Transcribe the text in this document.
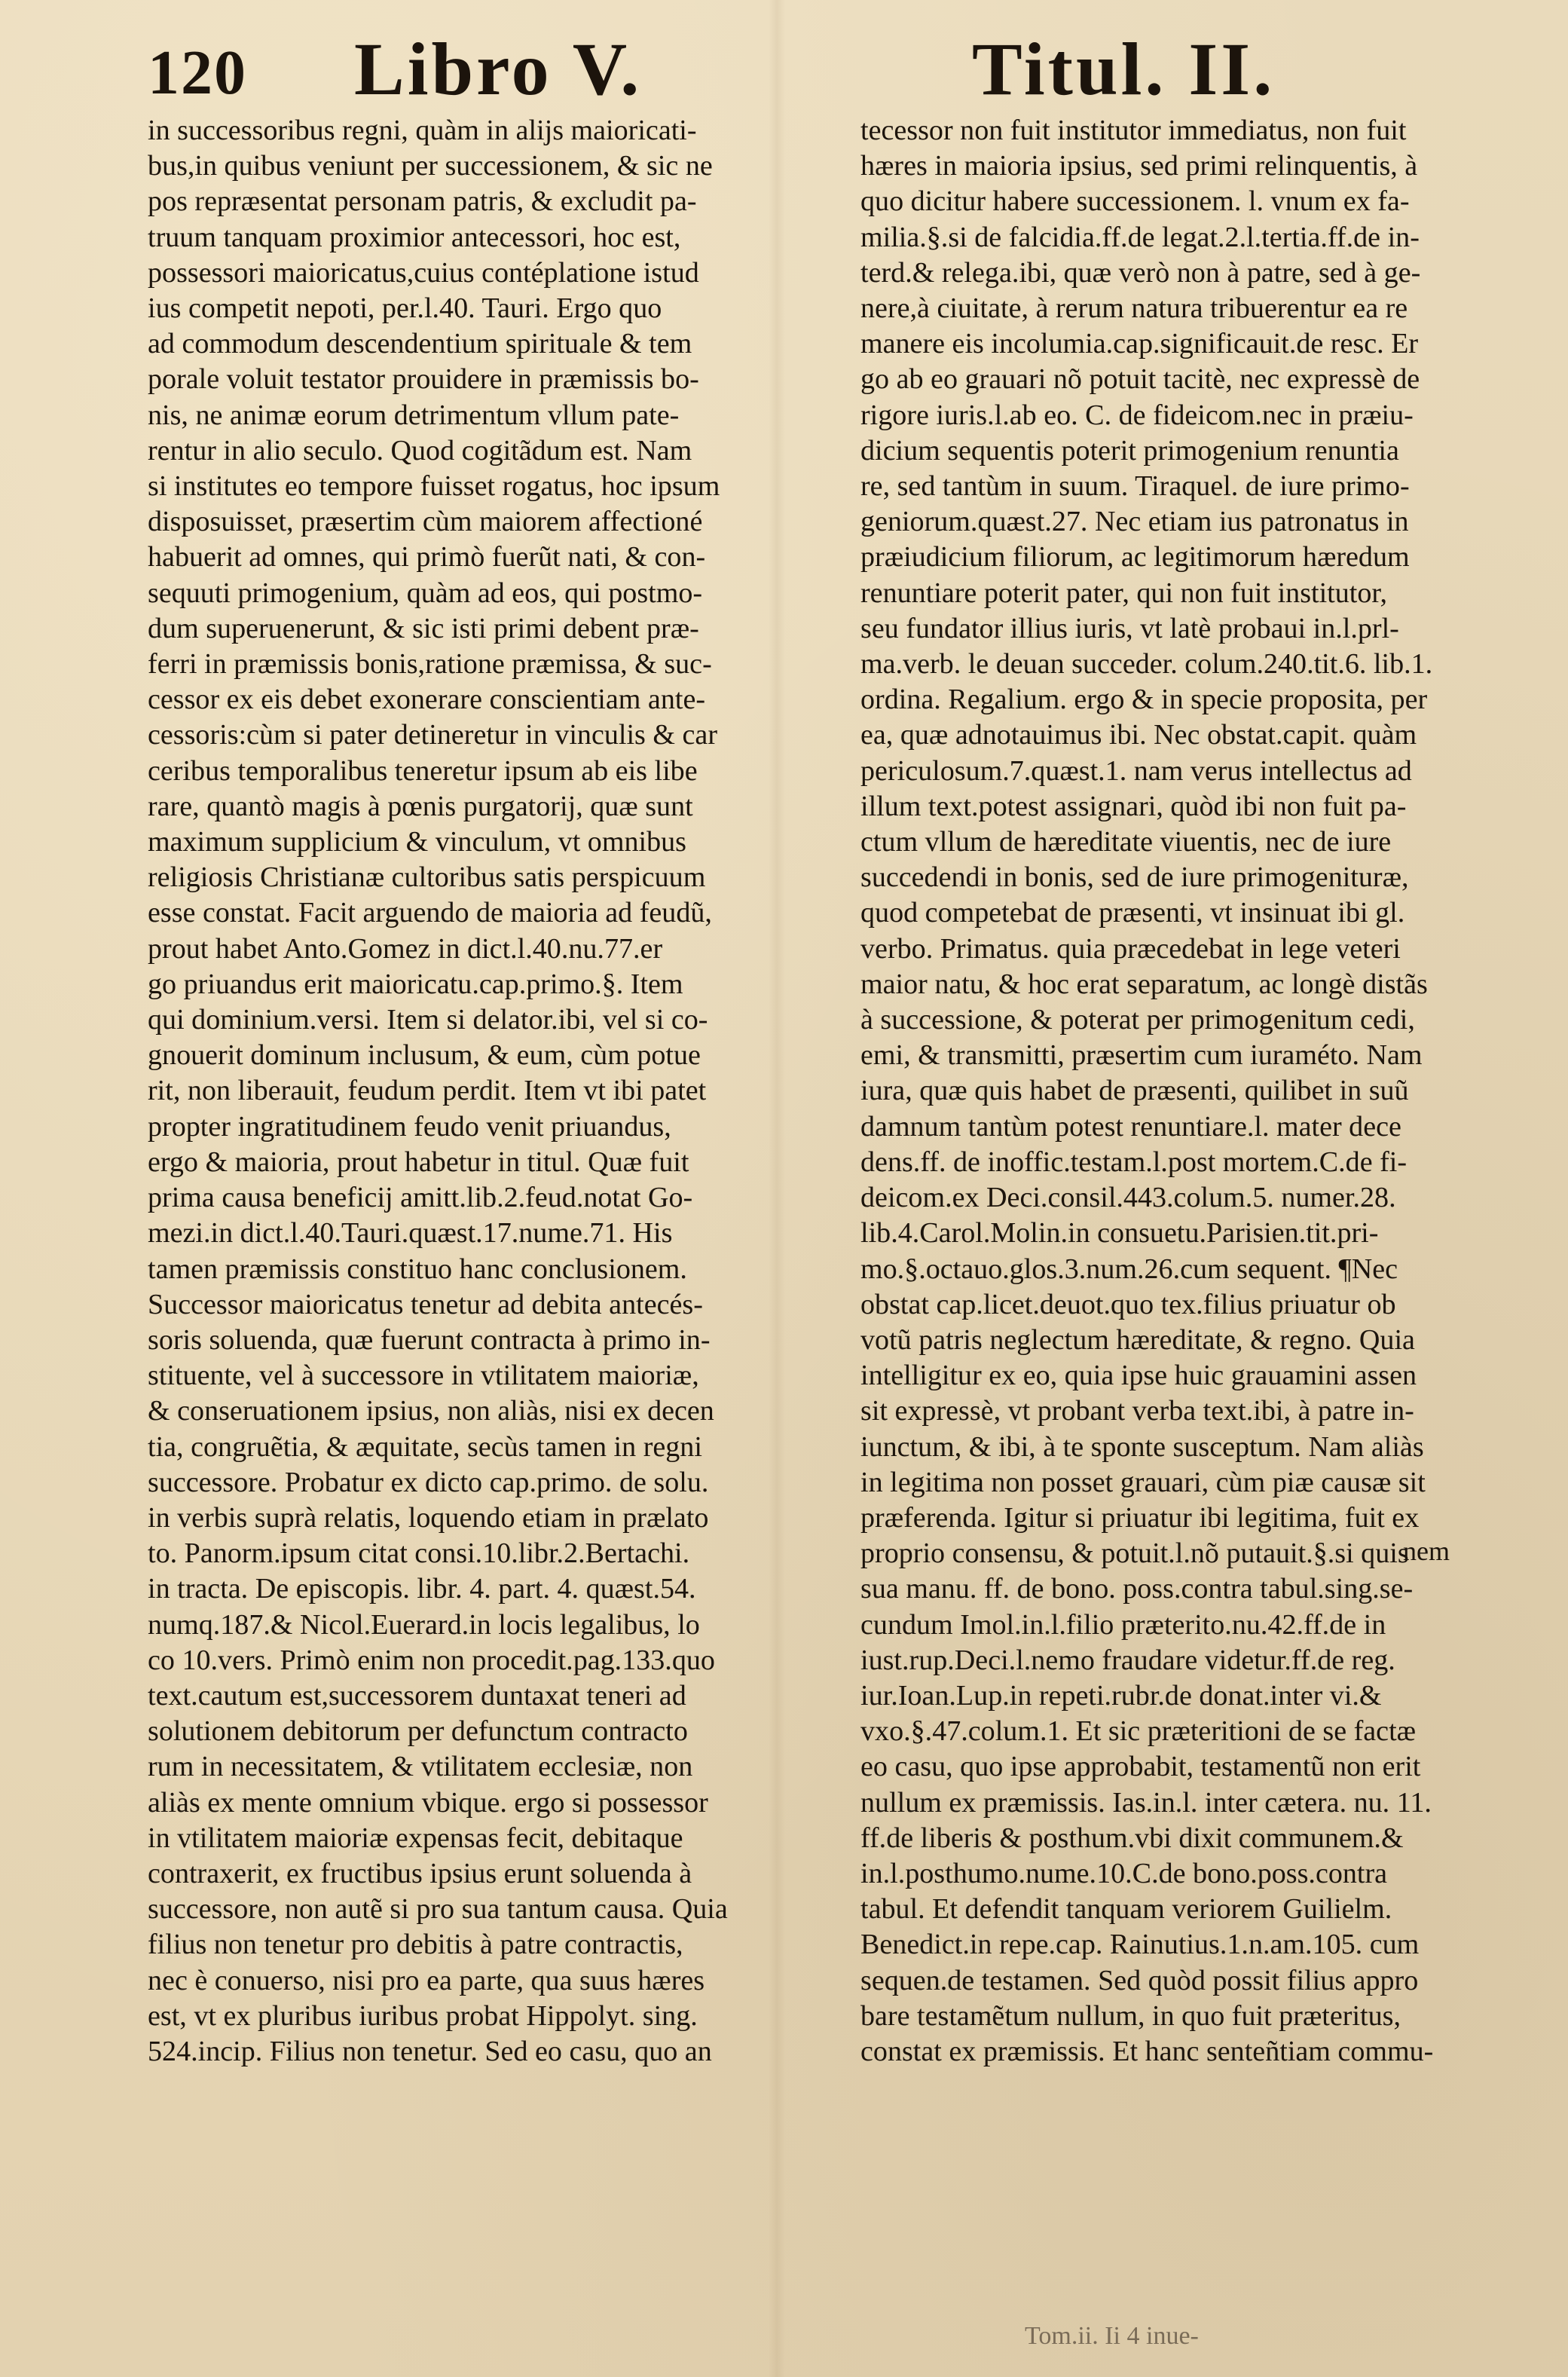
120 Libro V.	Titul. II.
in successoribus regni, quàm in alijs maioricati-
bus,in quibus veniunt per successionem, & sic ne
pos repræsentat personam patris, & excludit pa-
truum tanquam proximior antecessori, hoc est,
possessori maioricatus,cuius contéplatione istud
ius competit nepoti, per.l.40. Tauri. Ergo quo
ad commodum descendentium spirituale & tem
porale voluit testator prouidere in præmissis bo-
nis, ne animæ eorum detrimentum vllum pate-
rentur in alio seculo. Quod cogitãdum est. Nam
si institutes eo tempore fuisset rogatus, hoc ipsum
disposuisset, præsertim cùm maiorem affectioné
habuerit ad omnes, qui primò fuerũt nati, & con-
sequuti primogenium, quàm ad eos, qui postmo-
dum superuenerunt, & sic isti primi debent præ-
ferri in præmissis bonis,ratione præmissa, & suc-
cessor ex eis debet exonerare conscientiam ante-
cessoris:cùm si pater detineretur in vinculis & car
ceribus temporalibus teneretur ipsum ab eis libe
rare, quantò magis à pœnis purgatorij, quæ sunt
maximum supplicium & vinculum, vt omnibus
religiosis Christianæ cultoribus satis perspicuum
esse constat. Facit arguendo de maioria ad feudũ,
prout habet Anto.Gomez in dict.l.40.nu.77.er
go priuandus erit maioricatu.cap.primo.§. Item
qui dominium.versi. Item si delator.ibi, vel si co-
gnouerit dominum inclusum, & eum, cùm potue
rit, non liberauit, feudum perdit. Item vt ibi patet
propter ingratitudinem feudo venit priuandus,
ergo & maioria, prout habetur in titul. Quæ fuit
prima causa beneficij amitt.lib.2.feud.notat Go-
mezi.in dict.l.40.Tauri.quæst.17.nume.71. His
tamen præmissis constituo hanc conclusionem.
Successor maioricatus tenetur ad debita antecés-
soris soluenda, quæ fuerunt contracta à primo in-
stituente, vel à successore in vtilitatem maioriæ,
& conseruationem ipsius, non aliàs, nisi ex decen
tia, congruẽtia, & æquitate, secùs tamen in regni
successore. Probatur ex dicto cap.primo. de solu.
in verbis suprà relatis, loquendo etiam in prælato
to. Panorm.ipsum citat consi.10.libr.2.Bertachi.
in tracta. De episcopis. libr. 4. part. 4. quæst.54.
numq.187.& Nicol.Euerard.in locis legalibus, lo
co 10.vers. Primò enim non procedit.pag.133.quo
text.cautum est,successorem duntaxat teneri ad
solutionem debitorum per defunctum contracto
rum in necessitatem, & vtilitatem ecclesiæ, non
aliàs ex mente omnium vbique. ergo si possessor
in vtilitatem maioriæ expensas fecit, debitaque
contraxerit, ex fructibus ipsius erunt soluenda à
successore, non autẽ si pro sua tantum causa. Quia
filius non tenetur pro debitis à patre contractis,
nec è conuerso, nisi pro ea parte, qua suus hæres
est, vt ex pluribus iuribus probat Hippolyt. sing.
524.incip. Filius non tenetur. Sed eo casu, quo an
tecessor non fuit institutor immediatus, non fuit
hæres in maioria ipsius, sed primi relinquentis, à
quo dicitur habere successionem. l. vnum ex fa-
milia.§.si de falcidia.ff.de legat.2.l.tertia.ff.de in-
terd.& relega.ibi, quæ verò non à patre, sed à ge-
nere,à ciuitate, à rerum natura tribuerentur ea re
manere eis incolumia.cap.significauit.de resc. Er
go ab eo grauari nõ potuit tacitè, nec expressè de
rigore iuris.l.ab eo. C. de fideicom.nec in præiu-
dicium sequentis poterit primogenium renuntia
re, sed tantùm in suum. Tiraquel. de iure primo-
geniorum.quæst.27. Nec etiam ius patronatus in
præiudicium filiorum, ac legitimorum hæredum
renuntiare poterit pater, qui non fuit institutor,
seu fundator illius iuris, vt latè probaui in.l.prl-
ma.verb. le deuan succeder. colum.240.tit.6. lib.1.
ordina. Regalium. ergo & in specie proposita, per
ea, quæ adnotauimus ibi. Nec obstat.capit. quàm
periculosum.7.quæst.1. nam verus intellectus ad
illum text.potest assignari, quòd ibi non fuit pa-
ctum vllum de hæreditate viuentis, nec de iure
succedendi in bonis, sed de iure primogenituræ,
quod competebat de præsenti, vt insinuat ibi gl.
verbo. Primatus. quia præcedebat in lege veteri
maior natu, & hoc erat separatum, ac longè distãs
à successione, & poterat per primogenitum cedi,
emi, & transmitti, præsertim cum iuraméto. Nam
iura, quæ quis habet de præsenti, quilibet in suũ
damnum tantùm potest renuntiare.l. mater dece
dens.ff. de inoffic.testam.l.post mortem.C.de fi-
deicom.ex Deci.consil.443.colum.5. numer.28.
lib.4.Carol.Molin.in consuetu.Parisien.tit.pri-
mo.§.octauo.glos.3.num.26.cum sequent. ¶Nec
obstat cap.licet.deuot.quo tex.filius priuatur ob
votũ patris neglectum hæreditate, & regno. Quia
intelligitur ex eo, quia ipse huic grauamini assen
sit expressè, vt probant verba text.ibi, à patre in-
iunctum, & ibi, à te sponte susceptum. Nam aliàs
in legitima non posset grauari, cùm piæ causæ sit
præferenda. Igitur si priuatur ibi legitima, fuit ex
proprio consensu, & potuit.l.nõ putauit.§.si quis
sua manu. ff. de bono. poss.contra tabul.sing.se-
cundum Imol.in.l.filio præterito.nu.42.ff.de in
iust.rup.Deci.l.nemo fraudare videtur.ff.de reg.
iur.Ioan.Lup.in repeti.rubr.de donat.inter vi.&
vxo.§.47.colum.1. Et sic præteritioni de se factæ
eo casu, quo ipse approbabit, testamentũ non erit
nullum ex præmissis. Ias.in.l. inter cætera. nu. 11.
ff.de liberis & posthum.vbi dixit communem.&
in.l.posthumo.nume.10.C.de bono.poss.contra
tabul. Et defendit tanquam veriorem Guilielm.
Benedict.in repe.cap. Rainutius.1.n.am.105. cum
sequen.de testamen. Sed quòd possit filius appro
bare testamẽtum nullum, in quo fuit præteritus,
constat ex præmissis. Et hanc senteñtiam commu-
nem
Tom.ii. Ii 4 inue-
